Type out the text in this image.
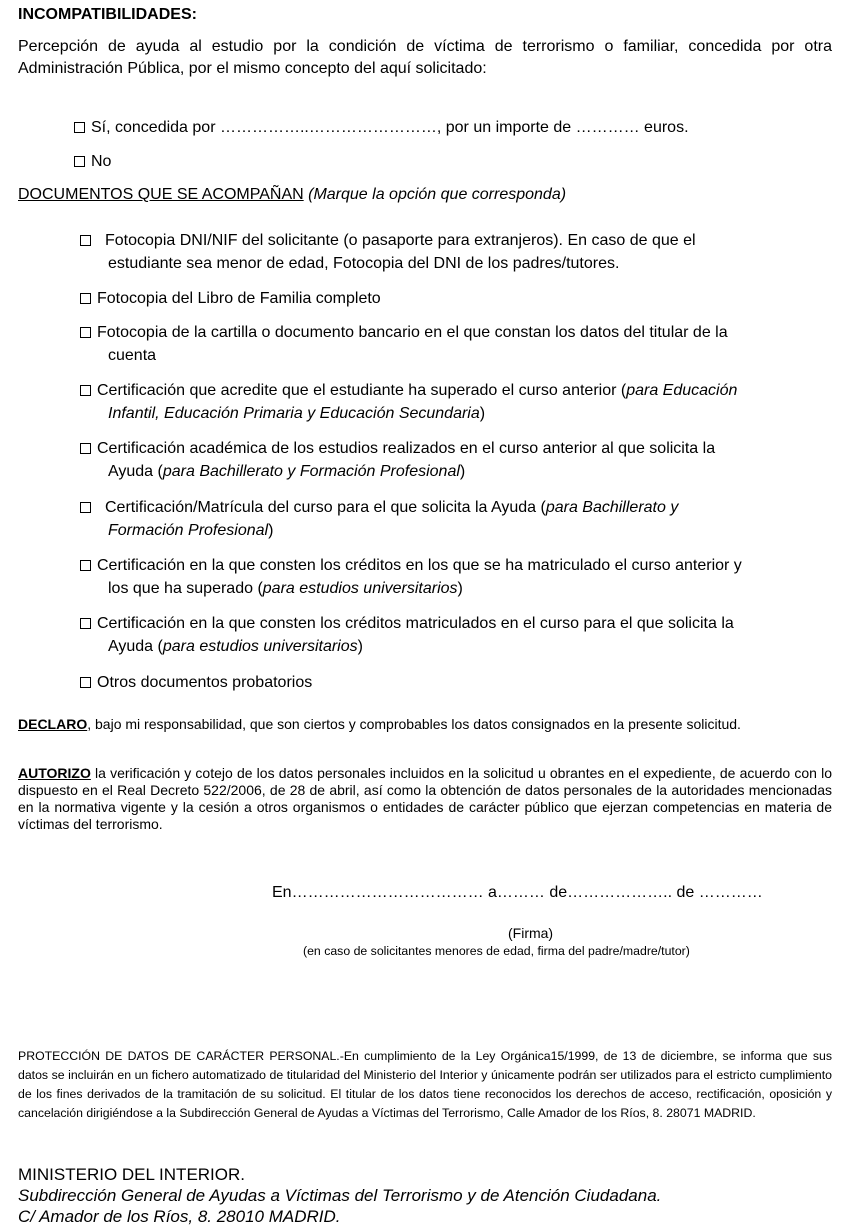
INCOMPATIBILIDADES:
Percepción de ayuda al estudio por la condición de víctima de terrorismo o familiar, concedida por otra Administración Pública, por el mismo concepto del aquí solicitado:
Sí, concedida por ……………..……………………, por un importe de ………… euros.
No
DOCUMENTOS QUE SE ACOMPAÑAN (Marque la opción que corresponda)
Fotocopia DNI/NIF del solicitante (o pasaporte para extranjeros). En caso de que el
estudiante sea menor de edad, Fotocopia del DNI de los padres/tutores.
Fotocopia del Libro de Familia completo
Fotocopia de la cartilla o documento bancario en el que constan los datos del titular de la
cuenta
Certificación que acredite que el estudiante ha superado el curso anterior (para Educación
Infantil, Educación Primaria y Educación Secundaria)
Certificación académica de los estudios realizados en el curso anterior al que solicita la
Ayuda (para Bachillerato y Formación Profesional)
Certificación/Matrícula del curso para el que solicita la Ayuda (para Bachillerato y
Formación Profesional)
Certificación en la que consten los créditos en los que se ha matriculado el curso anterior y
los que ha superado (para estudios universitarios)
Certificación en la que consten los créditos matriculados en el curso para el que solicita la
Ayuda (para estudios universitarios)
Otros documentos probatorios
DECLARO, bajo mi responsabilidad, que son ciertos y comprobables los datos consignados en la presente solicitud.
AUTORIZO la verificación y cotejo de los datos personales incluidos en la solicitud u obrantes en el expediente, de acuerdo con lo dispuesto en el Real Decreto 522/2006, de 28 de abril, así como la obtención de datos personales de la autoridades mencionadas en la normativa vigente y la cesión a otros organismos o entidades de carácter público que ejerzan competencias en materia de víctimas del terrorismo.
En……………………………… a……… de……………….. de …………
(Firma)
(en caso de solicitantes menores de edad, firma del padre/madre/tutor)
PROTECCIÓN DE DATOS DE CARÁCTER PERSONAL.-En cumplimiento de la Ley Orgánica15/1999, de 13 de diciembre, se informa que sus datos se incluirán en un fichero automatizado de titularidad del Ministerio del Interior y únicamente podrán ser utilizados para el estricto cumplimiento de los fines derivados de la tramitación de su solicitud. El titular de los datos tiene reconocidos los derechos de acceso, rectificación, oposición y cancelación dirigiéndose a la Subdirección General de Ayudas a Víctimas del Terrorismo, Calle Amador de los Ríos, 8. 28071 MADRID.
MINISTERIO DEL INTERIOR.
Subdirección General de Ayudas a Víctimas del Terrorismo y de Atención Ciudadana.
C/ Amador de los Ríos, 8. 28010 MADRID.
